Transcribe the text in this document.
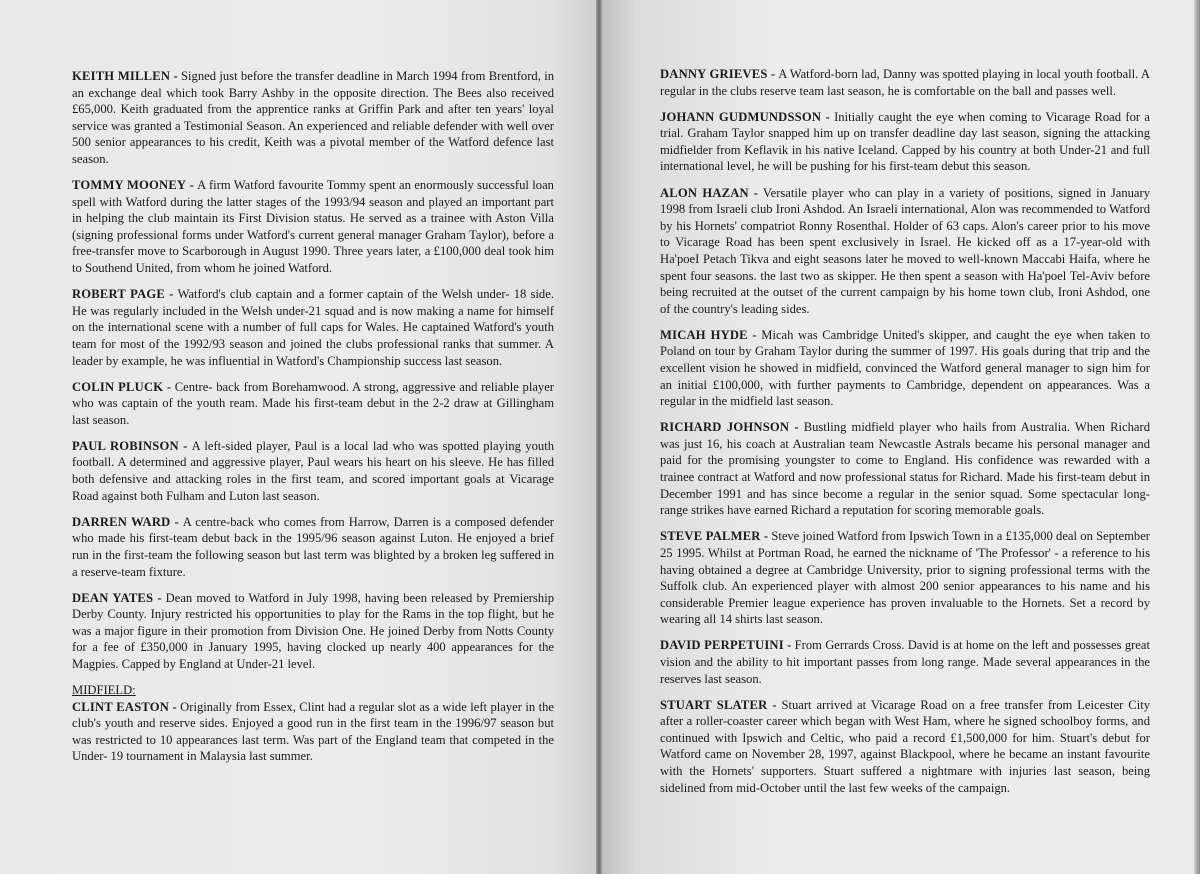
KEITH MILLEN - Signed just before the transfer deadline in March 1994 from Brentford, in an exchange deal which took Barry Ashby in the opposite direction. The Bees also received £65,000. Keith graduated from the apprentice ranks at Griffin Park and after ten years' loyal service was granted a Testimonial Season. An experienced and reliable defender with well over 500 senior appearances to his credit, Keith was a pivotal member of the Watford defence last season.

TOMMY MOONEY - A firm Watford favourite Tommy spent an enormously successful loan spell with Watford during the latter stages of the 1993/94 season and played an important part in helping the club maintain its First Division status. He served as a trainee with Aston Villa (signing professional forms under Watford's current general manager Graham Taylor), before a free-transfer move to Scarborough in August 1990. Three years later, a £100,000 deal took him to Southend United, from whom he joined Watford.

ROBERT PAGE - Watford's club captain and a former captain of the Welsh under- 18 side. He was regularly included in the Welsh under-21 squad and is now making a name for himself on the international scene with a number of full caps for Wales. He captained Watford's youth team for most of the 1992/93 season and joined the clubs professional ranks that summer. A leader by example, he was influential in Watford's Championship success last season.

COLIN PLUCK - Centre- back from Borehamwood. A strong, aggressive and reliable player who was captain of the youth ream. Made his first-team debut in the 2-2 draw at Gillingham last season.

PAUL ROBINSON - A left-sided player, Paul is a local lad who was spotted playing youth football. A determined and aggressive player, Paul wears his heart on his sleeve. He has filled both defensive and attacking roles in the first team, and scored important goals at Vicarage Road against both Fulham and Luton last season.

DARREN WARD - A centre-back who comes from Harrow, Darren is a composed defender who made his first-team debut back in the 1995/96 season against Luton. He enjoyed a brief run in the first-team the following season but last term was blighted by a broken leg suffered in a reserve-team fixture.

DEAN YATES - Dean moved to Watford in July 1998, having been released by Premiership Derby County. Injury restricted his opportunities to play for the Rams in the top flight, but he was a major figure in their promotion from Division One. He joined Derby from Notts County for a fee of £350,000 in January 1995, having clocked up nearly 400 appearances for the Magpies. Capped by England at Under-21 level.

MIDFIELD:

CLINT EASTON - Originally from Essex, Clint had a regular slot as a wide left player in the club's youth and reserve sides. Enjoyed a good run in the first team in the 1996/97 season but was restricted to 10 appearances last term. Was part of the England team that competed in the Under- 19 tournament in Malaysia last summer.

DANNY GRIEVES - A Watford-born lad, Danny was spotted playing in local youth football. A regular in the clubs reserve team last season, he is comfortable on the ball and passes well.

JOHANN GUDMUNDSSON - Initially caught the eye when coming to Vicarage Road for a trial. Graham Taylor snapped him up on transfer deadline day last season, signing the attacking midfielder from Keflavik in his native Iceland. Capped by his country at both Under-21 and full international level, he will be pushing for his first-team debut this season.

ALON HAZAN - Versatile player who can play in a variety of positions, signed in January 1998 from Israeli club Ironi Ashdod. An Israeli international, Alon was recommended to Watford by his Hornets' compatriot Ronny Rosenthal. Holder of 63 caps. Alon's career prior to his move to Vicarage Road has been spent exclusively in Israel. He kicked off as a 17-year-old with Ha'poeI Petach Tikva and eight seasons later he moved to well-known Maccabi Haifa, where he spent four seasons. the last two as skipper. He then spent a season with Ha'poel Tel-Aviv before being recruited at the outset of the current campaign by his home town club, Ironi Ashdod, one of the country's leading sides.

MICAH HYDE - Micah was Cambridge United's skipper, and caught the eye when taken to Poland on tour by Graham Taylor during the summer of 1997. His goals during that trip and the excellent vision he showed in midfield, convinced the Watford general manager to sign him for an initial £100,000, with further payments to Cambridge, dependent on appearances. Was a regular in the midfield last season.

RICHARD JOHNSON - Bustling midfield player who hails from Australia. When Richard was just 16, his coach at Australian team Newcastle Astrals became his personal manager and paid for the promising youngster to come to England. His confidence was rewarded with a trainee contract at Watford and now professional status for Richard. Made his first-team debut in December 1991 and has since become a regular in the senior squad. Some spectacular long-range strikes have earned Richard a reputation for scoring memorable goals.

STEVE PALMER - Steve joined Watford from Ipswich Town in a £135,000 deal on September 25 1995. Whilst at Portman Road, he earned the nickname of 'The Professor' - a reference to his having obtained a degree at Cambridge University, prior to signing professional terms with the Suffolk club. An experienced player with almost 200 senior appearances to his name and his considerable Premier league experience has proven invaluable to the Hornets. Set a record by wearing all 14 shirts last season.

DAVID PERPETUINI - From Gerrards Cross. David is at home on the left and possesses great vision and the ability to hit important passes from long range. Made several appearances in the reserves last season.

STUART SLATER - Stuart arrived at Vicarage Road on a free transfer from Leicester City after a roller-coaster career which began with West Ham, where he signed schoolboy forms, and continued with Ipswich and Celtic, who paid a record £1,500,000 for him. Stuart's debut for Watford came on November 28, 1997, against Blackpool, where he became an instant favourite with the Hornets' supporters. Stuart suffered a nightmare with injuries last season, being sidelined from mid-October until the last few weeks of the campaign.
